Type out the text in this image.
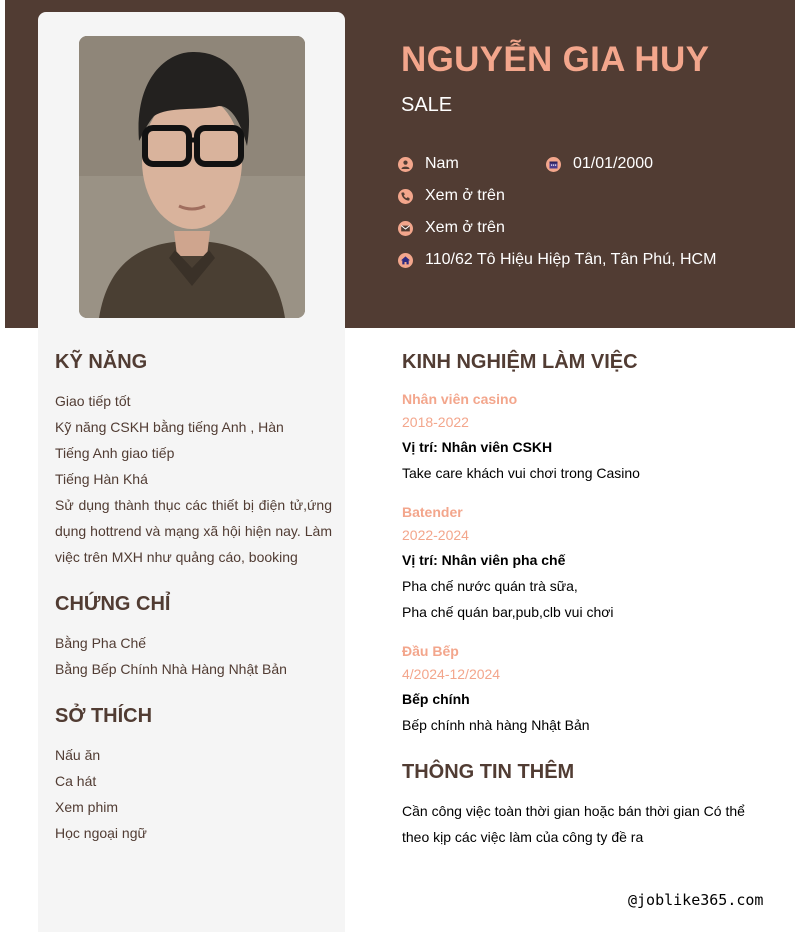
NGUYỄN GIA HUY
SALE
Nam	01/01/2000
Xem ở trên
Xem ở trên
110/62 Tô Hiệu Hiệp Tân, Tân Phú, HCM
KỸ NĂNG
Giao tiếp tốt
Kỹ năng CSKH bằng tiếng Anh , Hàn
Tiếng Anh giao tiếp
Tiếng Hàn Khá

Sử dụng thành thục các thiết bị điện tử,ứng dụng hottrend và mạng xã hội hiện nay. Làm việc trên MXH như quảng cáo, booking

CHỨNG CHỈ
Bằng Pha Chế
Bằng Bếp Chính Nhà Hàng Nhật Bản
SỞ THÍCH
Nấu ăn
Ca hát
Xem phim
Học ngoại ngữ
KINH NGHIỆM LÀM VIỆC
Nhân viên casino
2018-2022
Vị trí: Nhân viên CSKH
Take care khách vui chơi trong Casino
Batender
2022-2024
Vị trí: Nhân viên pha chế
Pha chế nước quán trà sữa,
Pha chế quán bar,pub,clb vui chơi
Đầu Bếp
4/2024-12/2024
Bếp chính
Bếp chính nhà hàng Nhật Bản
THÔNG TIN THÊM

Cần công việc toàn thời gian hoặc bán thời gian Có thể theo kịp các việc làm của công ty đề ra

@joblike365.com
